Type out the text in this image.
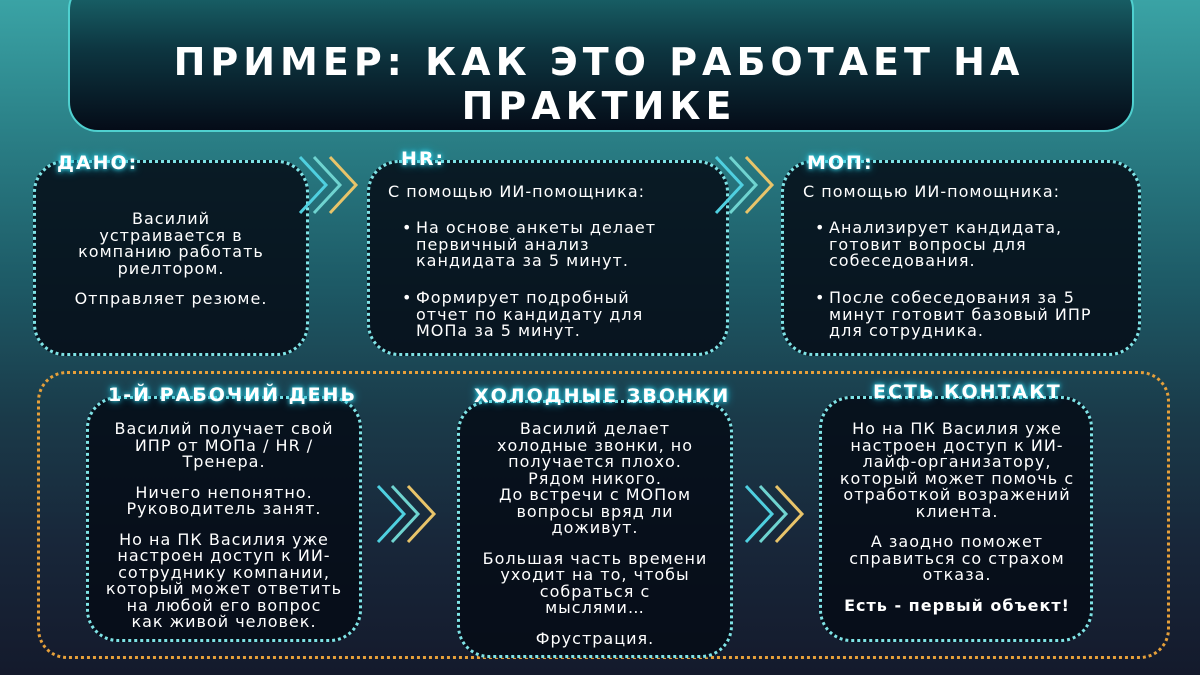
ПРИМЕР: КАК ЭТО РАБОТАЕТ НА ПРАКТИКЕ
ДАНО:
Василий
устраивается в
компанию работать
риелтором.
Отправляет резюме.
HR:
С помощью ИИ-помощника:
• На основе анкеты делает
первичный анализ
кандидата за 5 минут.
• Формирует подробный
отчет по кандидату для
МОПа за 5 минут.
МОП:
С помощью ИИ-помощника:
• Анализирует кандидата,
готовит вопросы для
собеседования.
• После собеседования за 5
минут готовит базовый ИПР
для сотрудника.
1-Й РАБОЧИЙ ДЕНЬ
Василий получает свой
ИПР от МОПа / HR /
Тренера.
Ничего непонятно.
Руководитель занят.
Но на ПК Василия уже
настроен доступ к ИИ-
сотруднику компании,
который может ответить
на любой его вопрос
как живой человек.
ХОЛОДНЫЕ ЗВОНКИ
Василий делает
холодные звонки, но
получается плохо.
Рядом никого.
До встречи с МОПом
вопросы вряд ли
доживут.
Большая часть времени
уходит на то, чтобы
собраться с
мыслями…
Фрустрация.
ЕСТЬ КОНТАКТ
Но на ПК Василия уже
настроен доступ к ИИ-
лайф-организатору,
который может помочь с
отработкой возражений
клиента.
А заодно поможет
справиться со страхом
отказа.
Есть - первый объект!
